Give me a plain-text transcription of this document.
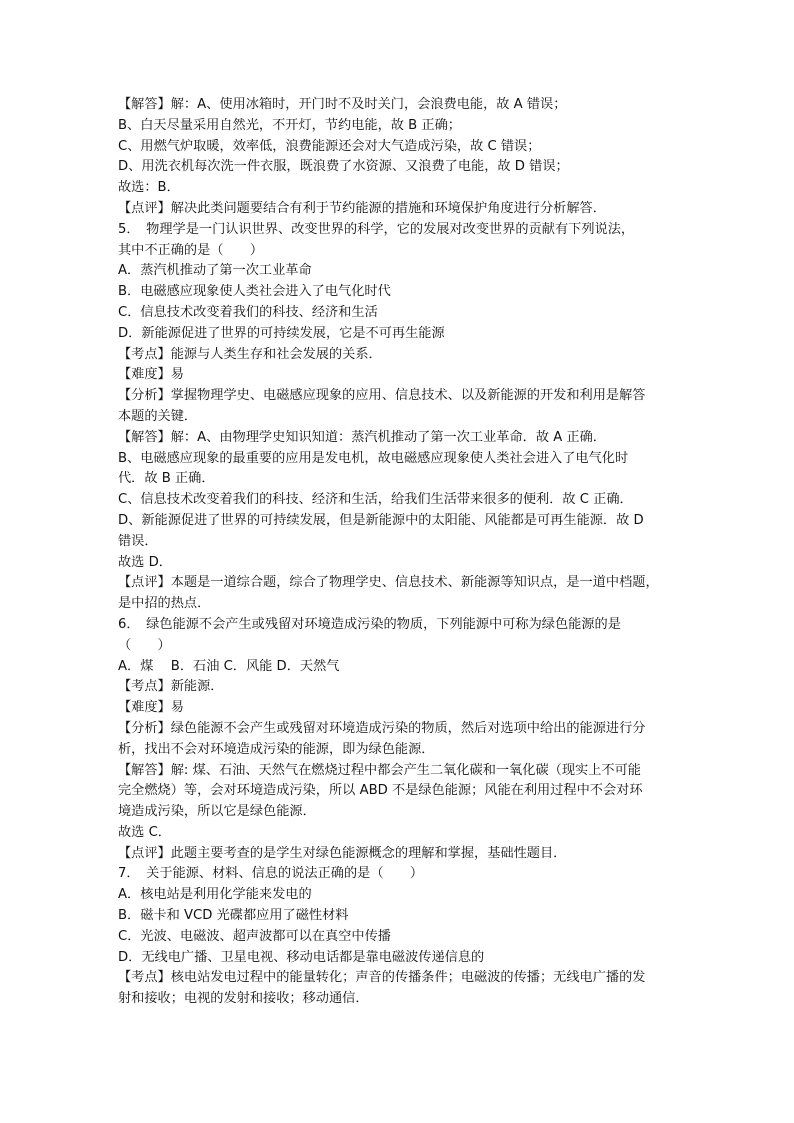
【解答】解：A、使用冰箱时，开门时不及时关门，会浪费电能，故 A 错误；
B、白天尽量采用自然光，不开灯，节约电能，故 B 正确；
C、用燃气炉取暖，效率低，浪费能源还会对大气造成污染，故 C 错误；
D、用洗衣机每次洗一件衣服，既浪费了水资源、又浪费了电能，故 D 错误；
故选：B．
【点评】解决此类问题要结合有利于节约能源的措施和环境保护角度进行分析解答．
5．　物理学是一门认识世界、改变世界的科学，它的发展对改变世界的贡献有下列说法，
其中不正确的是（　　）
A．蒸汽机推动了第一次工业革命
B．电磁感应现象使人类社会进入了电气化时代
C．信息技术改变着我们的科技、经济和生活
D．新能源促进了世界的可持续发展，它是不可再生能源
【考点】能源与人类生存和社会发展的关系．
【难度】易
【分析】掌握物理学史、电磁感应现象的应用、信息技术、以及新能源的开发和利用是解答
本题的关键．
【解答】解：A、由物理学史知识知道：蒸汽机推动了第一次工业革命．故 A 正确．
B、电磁感应现象的最重要的应用是发电机，故电磁感应现象使人类社会进入了电气化时
代．故 B 正确．
C、信息技术改变着我们的科技、经济和生活，给我们生活带来很多的便利．故 C 正确．
D、新能源促进了世界的可持续发展，但是新能源中的太阳能、风能都是可再生能源．故 D
错误．
故选 D．
【点评】本题是一道综合题，综合了物理学史、信息技术、新能源等知识点，是一道中档题，
是中招的热点．
6．　绿色能源不会产生或残留对环境造成污染的物质，下列能源中可称为绿色能源的是
（　　）
A．煤　 B．石油 C．风能 D．天然气
【考点】新能源．
【难度】易
【分析】绿色能源不会产生或残留对环境造成污染的物质，然后对选项中给出的能源进行分
析，找出不会对环境造成污染的能源，即为绿色能源．
【解答】解: 煤、石油、天然气在燃烧过程中都会产生二氧化碳和一氧化碳（现实上不可能
完全燃烧）等，会对环境造成污染，所以 ABD 不是绿色能源；风能在利用过程中不会对环
境造成污染，所以它是绿色能源．
故选 C．
【点评】此题主要考查的是学生对绿色能源概念的理解和掌握，基础性题目．
7．　关于能源、材料、信息的说法正确的是（　　）
A．核电站是利用化学能来发电的
B．磁卡和 VCD 光碟都应用了磁性材料
C．光波、电磁波、超声波都可以在真空中传播
D．无线电广播、卫星电视、移动电话都是靠电磁波传递信息的
【考点】核电站发电过程中的能量转化；声音的传播条件；电磁波的传播；无线电广播的发
射和接收；电视的发射和接收；移动通信．
